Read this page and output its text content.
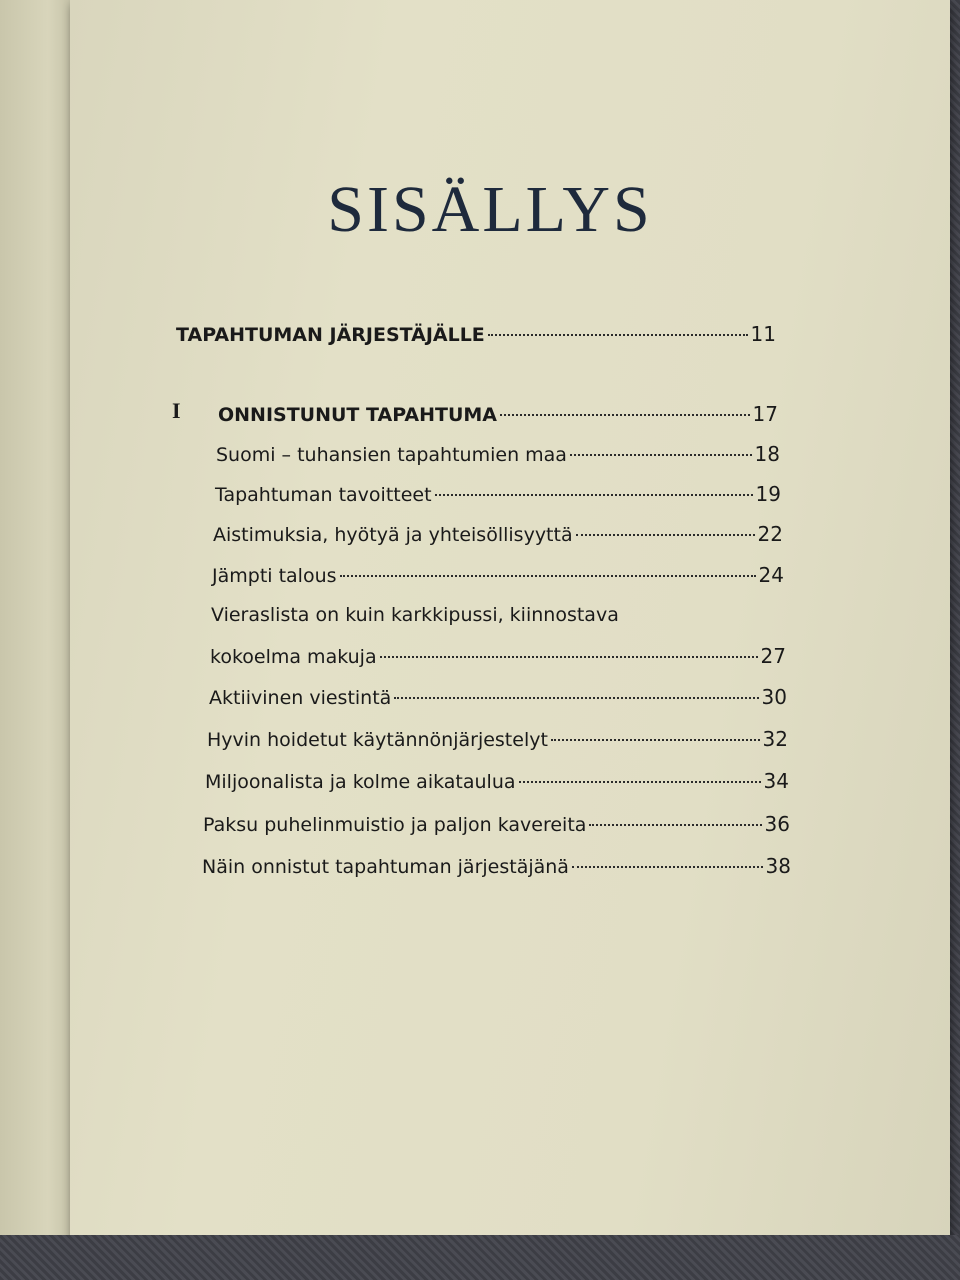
SISÄLLYS
TAPAHTUMAN JÄRJESTÄJÄLLE	11
I ONNISTUNUT TAPAHTUMA	17
Suomi – tuhansien tapahtumien maa	18
Tapahtuman tavoitteet	19
Aistimuksia, hyötyä ja yhteisöllisyyttä	22
Jämpti talous	24
Vieraslista on kuin karkkipussi, kiinnostava
kokoelma makuja	27
Aktiivinen viestintä	30
Hyvin hoidetut käytännönjärjestelyt	32
Miljoonalista ja kolme aikataulua	34
Paksu puhelinmuistio ja paljon kavereita	36
Näin onnistut tapahtuman järjestäjänä	38
